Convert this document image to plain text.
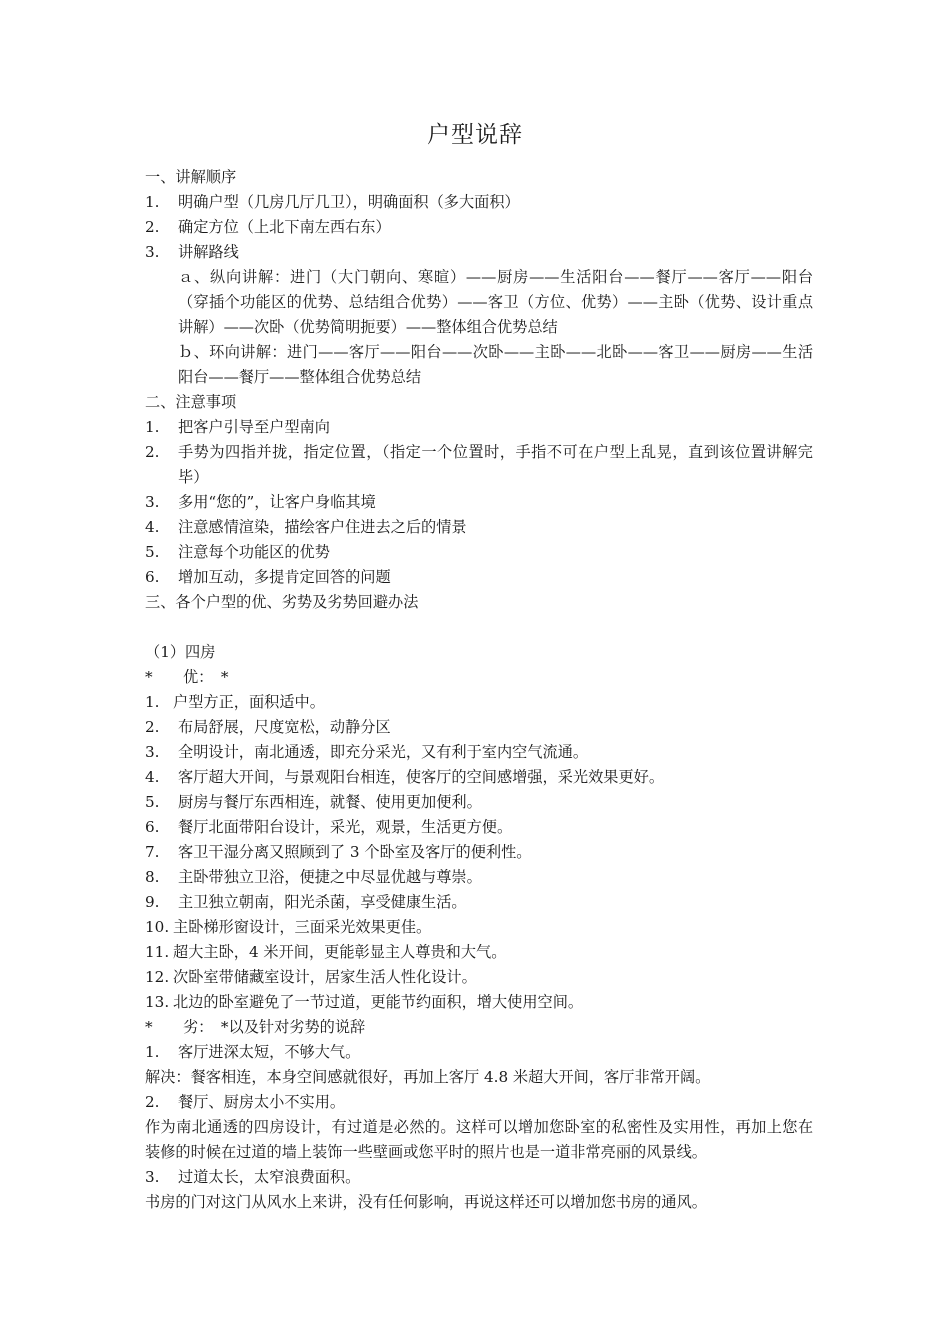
户型说辞
一、讲解顺序
1.	明确户型（几房几厅几卫），明确面积（多大面积）
2.	确定方位（上北下南左西右东）
3.	讲解路线
ａ、纵向讲解：进门（大门朝向、寒暄）——厨房——生活阳台——餐厅——客厅——阳台（穿插个功能区的优势、总结组合优势）——客卫（方位、优势）——主卧（优势、设计重点讲解）——次卧（优势简明扼要）——整体组合优势总结
ｂ、环向讲解：进门——客厅——阳台——次卧——主卧——北卧——客卫——厨房——生活阳台——餐厅——整体组合优势总结
二、注意事项
1.	把客户引导至户型南向
2.	手势为四指并拢，指定位置，（指定一个位置时，手指不可在户型上乱晃，直到该位置讲解完毕）
3.	多用“您的”，让客户身临其境
4.	注意感情渲染，描绘客户住进去之后的情景
5.	注意每个功能区的优势
6.	增加互动，多提肯定回答的问题
三、各个户型的优、劣势及劣势回避办法
（1）四房
*　　优：　*
1. 户型方正，面积适中。
2.	布局舒展，尺度宽松，动静分区
3.	全明设计，南北通透，即充分采光，又有利于室内空气流通。
4.	客厅超大开间，与景观阳台相连，使客厅的空间感增强，采光效果更好。
5.	厨房与餐厅东西相连，就餐、使用更加便利。
6.	餐厅北面带阳台设计，采光，观景，生活更方便。
7.	客卫干湿分离又照顾到了 3 个卧室及客厅的便利性。
8.	主卧带独立卫浴，便捷之中尽显优越与尊崇。
9.	主卫独立朝南，阳光杀菌，享受健康生活。
10. 主卧梯形窗设计，三面采光效果更佳。
11. 超大主卧，4 米开间，更能彰显主人尊贵和大气。
12. 次卧室带储藏室设计，居家生活人性化设计。
13. 北边的卧室避免了一节过道，更能节约面积，增大使用空间。
*　　劣：　*以及针对劣势的说辞
1.	客厅进深太短，不够大气。
解决：餐客相连，本身空间感就很好，再加上客厅 4.8 米超大开间，客厅非常开阔。
2.	餐厅、厨房太小不实用。
作为南北通透的四房设计，有过道是必然的。这样可以增加您卧室的私密性及实用性，再加上您在装修的时候在过道的墙上装饰一些壁画或您平时的照片也是一道非常亮丽的风景线。
3.	过道太长，太窄浪费面积。
书房的门对这门从风水上来讲，没有任何影响，再说这样还可以增加您书房的通风。
